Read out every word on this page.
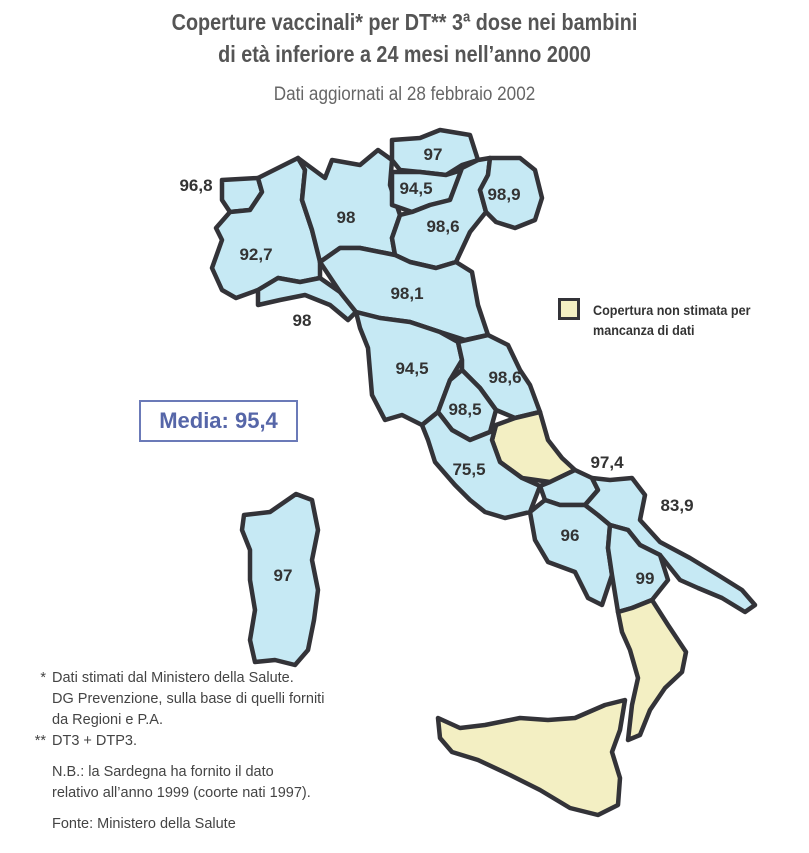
Coperture vaccinali* per DT** 3ª dose nei bambini
di età inferiore a 24 mesi nell’anno 2000
Dati aggiornati al 28 febbraio 2002
96,8
92,7
98
97
94,5
98,6
98,9
98
98,1
94,5	98,6
98,5
75,5	97,4
83,9
96
99
97
Copertura non stimata per mancanza di dati
Media: 95,4
* Dati stimati dal Ministero della Salute.
DG Prevenzione, sulla base di quelli forniti
da Regioni e P.A.
** DT3 + DTP3.
N.B.: la Sardegna ha fornito il dato
relativo all’anno 1999 (coorte nati 1997).
Fonte: Ministero della Salute
